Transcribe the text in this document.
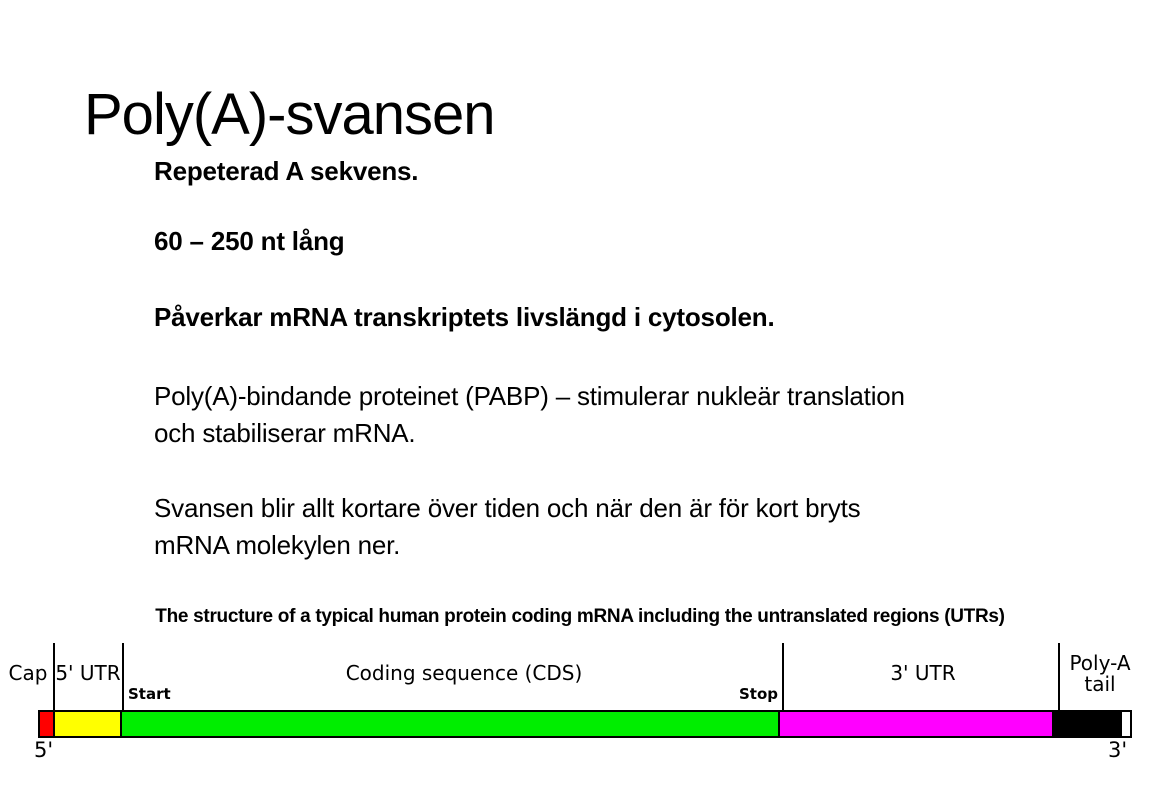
Poly(A)-svansen
Repeterad A sekvens.
60 – 250 nt lång
Påverkar mRNA transkriptets livslängd i cytosolen.
Poly(A)-bindande proteinet (PABP) – stimulerar nukleär translation
och stabiliserar mRNA.
Svansen blir allt kortare över tiden och när den är för kort bryts
mRNA molekylen ner.
The structure of a typical human protein coding mRNA including the untranslated regions (UTRs)
Cap 5' UTR	Coding sequence (CDS)	3' UTR	Poly-A
tail
Start	Stop
5'	3'
